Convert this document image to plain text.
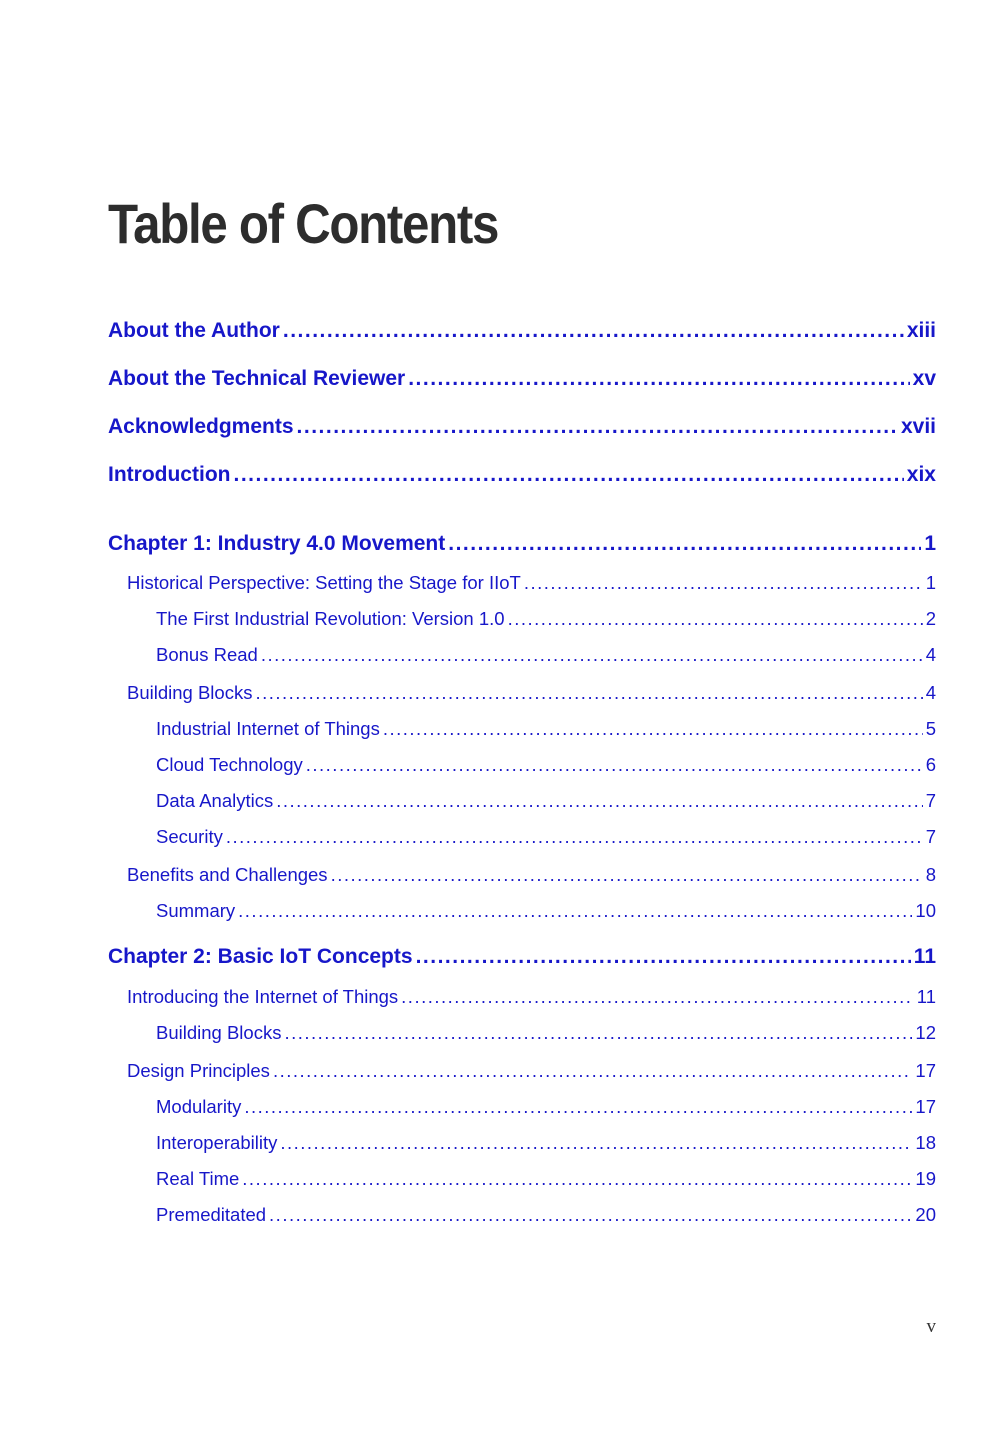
Table of Contents
About the Author .....	xiii
About the Technical Reviewer .....	xv
Acknowledgments .....	xvii
Introduction .....	xix
Chapter 1: Industry 4.0 Movement .....	1
Historical Perspective: Setting the Stage for IIoT .....	1
The First Industrial Revolution: Version 1.0 .....	2
Bonus Read .....	4
Building Blocks .....	4
Industrial Internet of Things .....	5
Cloud Technology .....	6
Data Analytics .....	7
Security .....	7
Benefits and Challenges .....	8
Summary .....	10
Chapter 2: Basic IoT Concepts .....	11
Introducing the Internet of Things .....	11
Building Blocks .....	12
Design Principles .....	17
Modularity .....	17
Interoperability .....	18
Real Time .....	19
Premeditated .....	20
v
